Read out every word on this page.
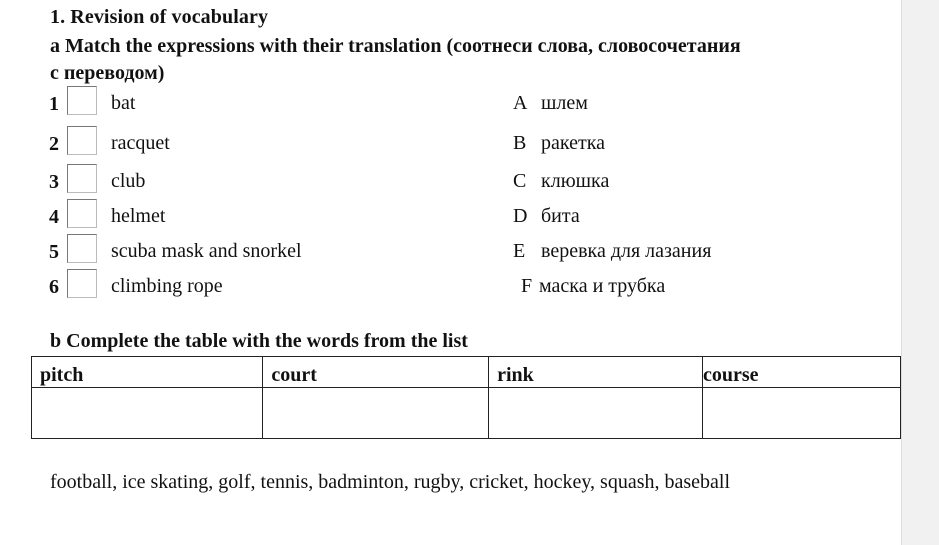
1. Revision of vocabulary
a Match the expressions with their translation (соотнеси слова, словосочетания с переводом)
1	bat	A шлем
2	racquet	B ракетка
3	club	C клюшка
4	helmet	D бита
5	scuba mask and snorkel	E веревка для лазания
6	climbing rope	F маска и трубка
b Complete the table with the words from the list
pitch	court	rink	course

football, ice skating, golf, tennis, badminton, rugby, cricket, hockey, squash, baseball
